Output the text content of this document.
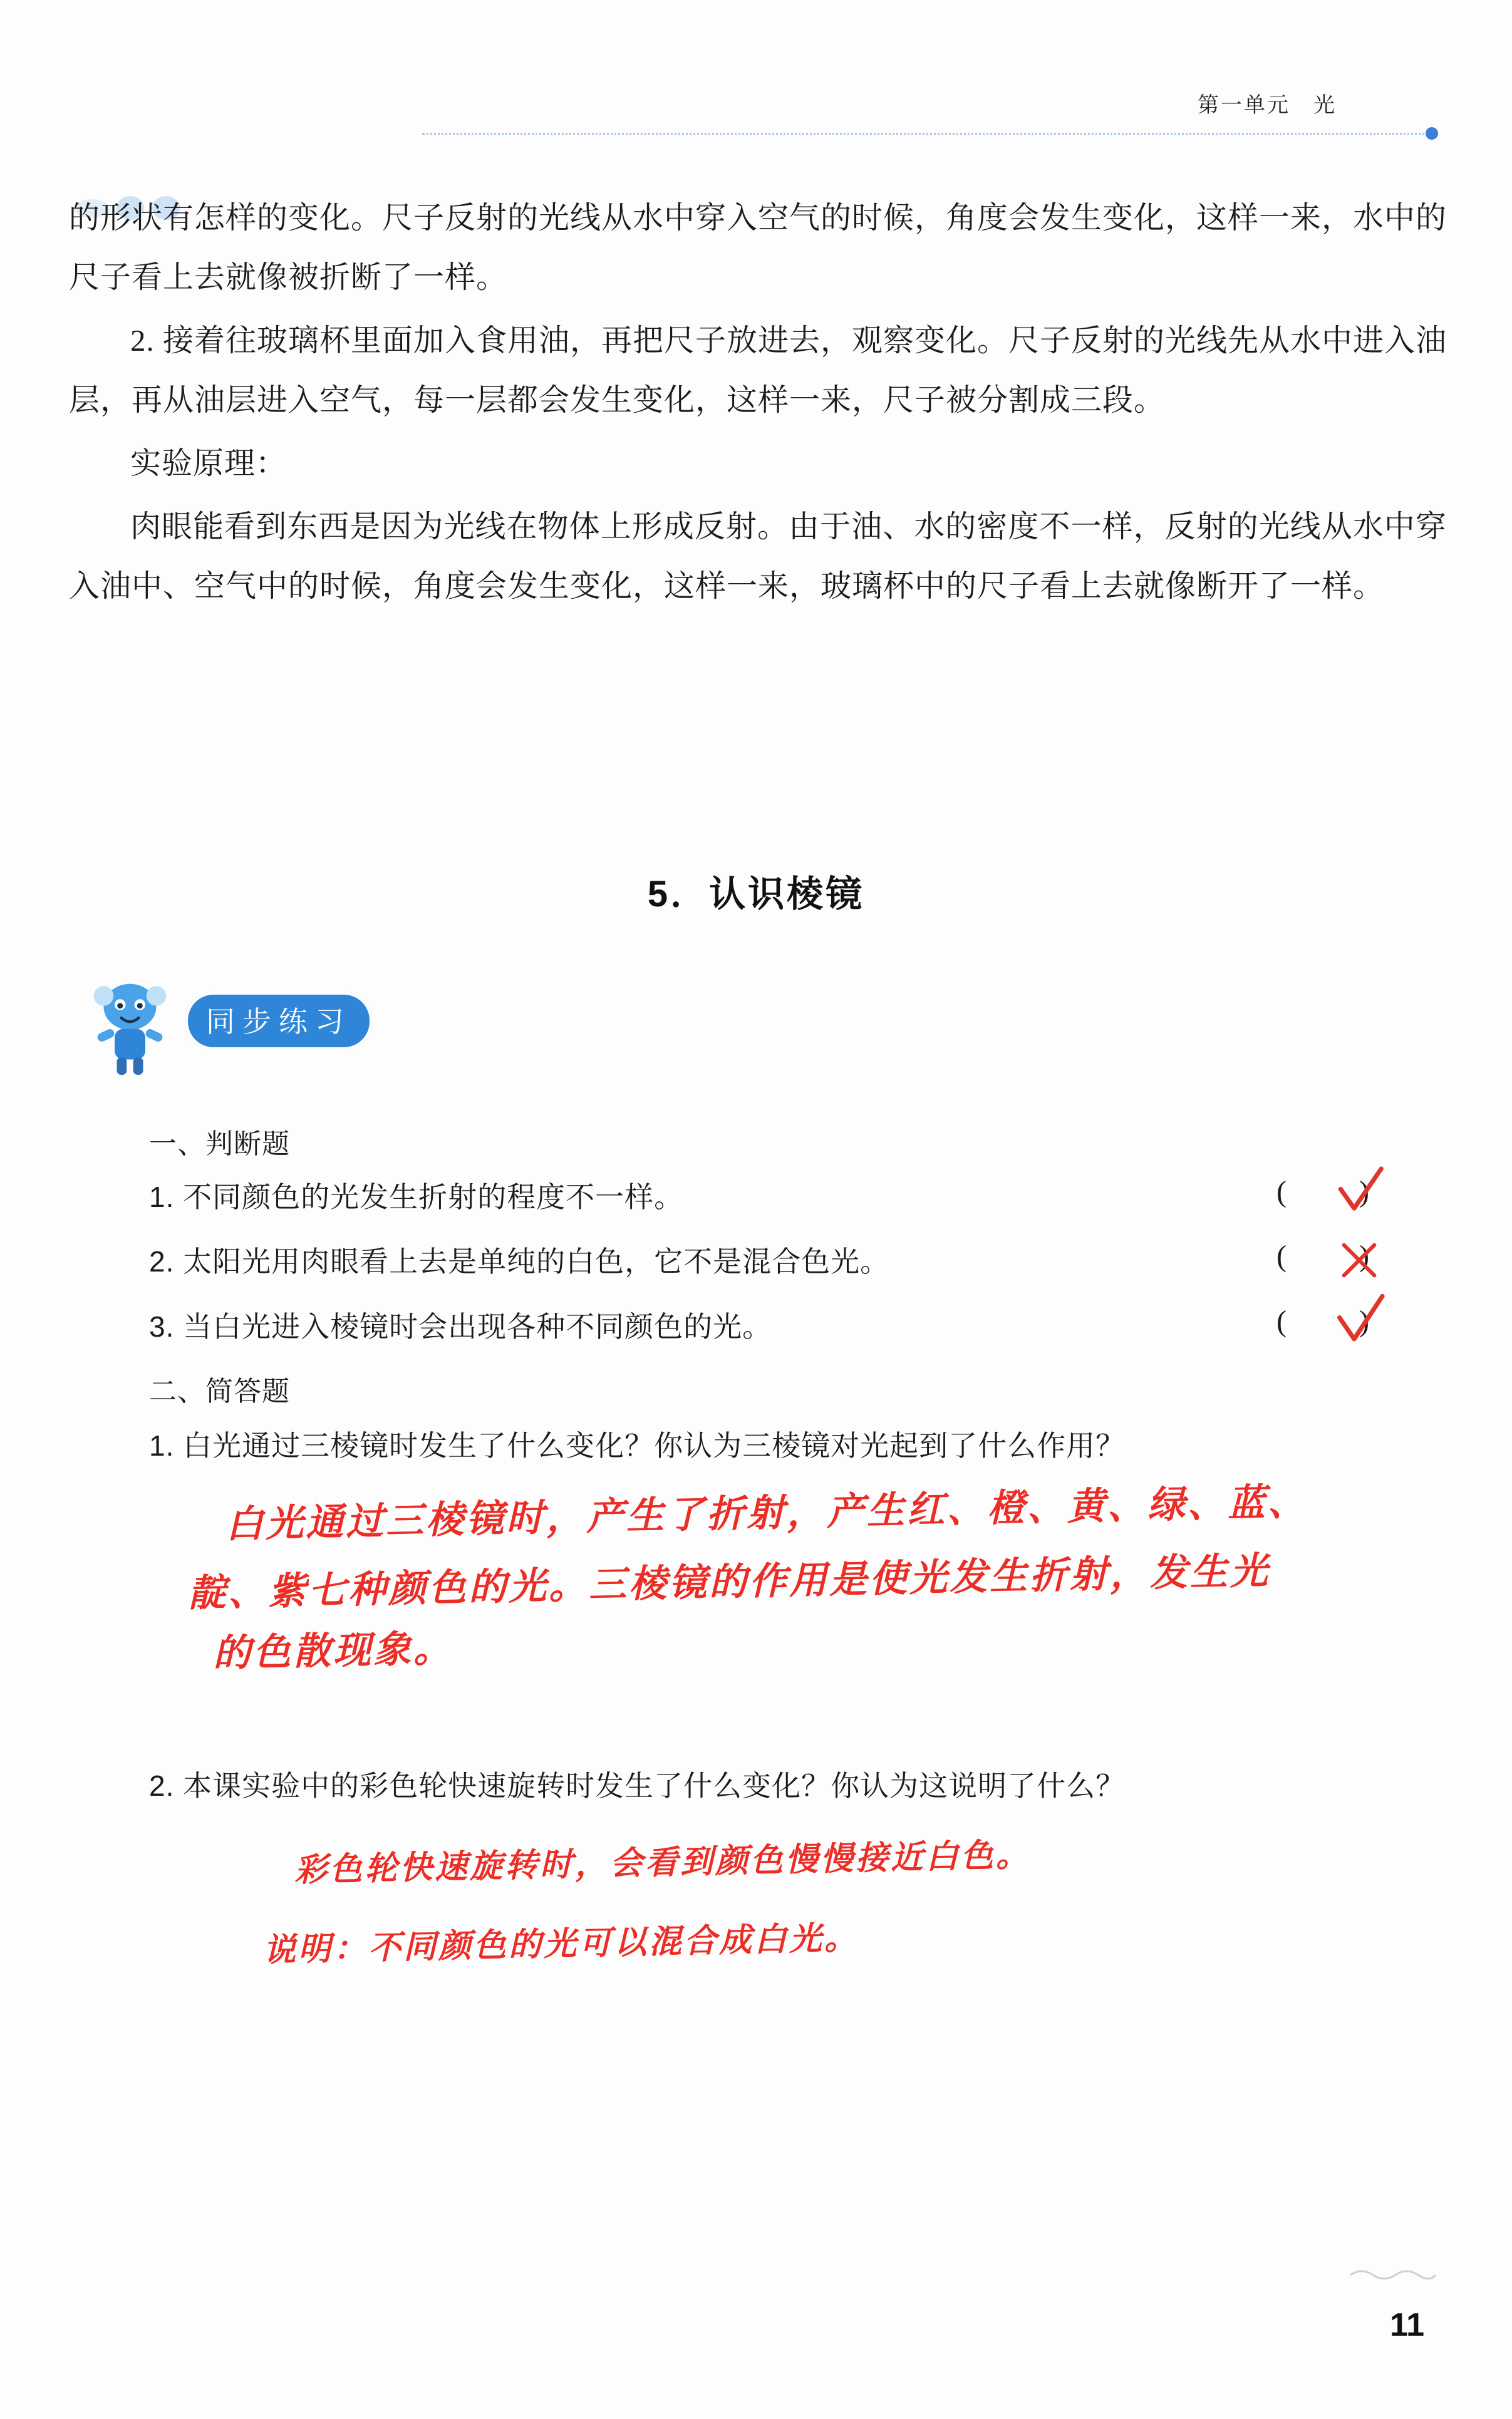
第一单元　光

的形状有怎样的变化。尺子反射的光线从水中穿入空气的时候，角度会发生变化，这样一来，水中的尺子看上去就像被折断了一样。

2. 接着往玻璃杯里面加入食用油，再把尺子放进去，观察变化。尺子反射的光线先从水中进入油层，再从油层进入空气，每一层都会发生变化，这样一来，尺子被分割成三段。

实验原理：

肉眼能看到东西是因为光线在物体上形成反射。由于油、水的密度不一样，反射的光线从水中穿入油中、空气中的时候，角度会发生变化，这样一来，玻璃杯中的尺子看上去就像断开了一样。

5．认识棱镜
同步练习
一、判断题
1. 不同颜色的光发生折射的程度不一样。	( )
2. 太阳光用肉眼看上去是单纯的白色，它不是混合色光。	( )
3. 当白光进入棱镜时会出现各种不同颜色的光。	( )
二、简答题
1. 白光通过三棱镜时发生了什么变化？你认为三棱镜对光起到了什么作用？
白光通过三棱镜时，产生了折射，产生红、橙、黄、绿、蓝、
靛、紫七种颜色的光。三棱镜的作用是使光发生折射，发生光
的色散现象。
2. 本课实验中的彩色轮快速旋转时发生了什么变化？你认为这说明了什么？
彩色轮快速旋转时，会看到颜色慢慢接近白色。
说明：不同颜色的光可以混合成白光。
11
